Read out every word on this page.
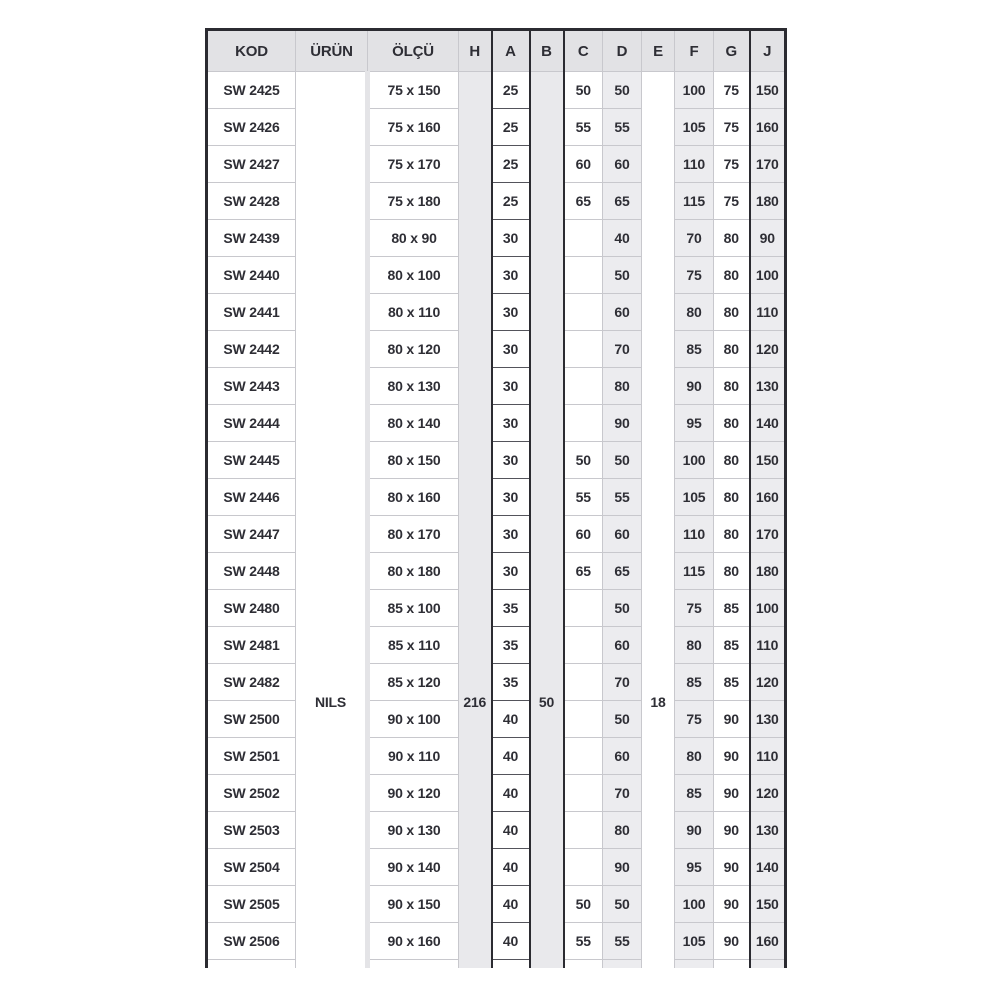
KOD	ÜRÜN	ÖLÇÜ	H	A	B	C	D	E	F	G	J
SW 2425	NILS	75 x 150	216	25	50	50	50	18	100	75	150
SW 2426		75 x 160		25		55	55		105	75	160
SW 2427		75 x 170		25		60	60		110	75	170
SW 2428		75 x 180		25		65	65		115	75	180
SW 2439		80 x 90		30			40		70	80	90
SW 2440		80 x 100		30			50		75	80	100
SW 2441		80 x 110		30			60		80	80	110
SW 2442		80 x 120		30			70		85	80	120
SW 2443		80 x 130		30			80		90	80	130
SW 2444		80 x 140		30			90		95	80	140
SW 2445		80 x 150		30		50	50		100	80	150
SW 2446		80 x 160		30		55	55		105	80	160
SW 2447		80 x 170		30		60	60		110	80	170
SW 2448		80 x 180		30		65	65		115	80	180
SW 2480		85 x 100		35			50		75	85	100
SW 2481		85 x 110		35			60		80	85	110
SW 2482		85 x 120		35			70		85	85	120
SW 2500		90 x 100		40			50		75	90	130
SW 2501		90 x 110		40			60		80	90	110
SW 2502		90 x 120		40			70		85	90	120
SW 2503		90 x 130		40			80		90	90	130
SW 2504		90 x 140		40			90		95	90	140
SW 2505		90 x 150		40		50	50		100	90	150
SW 2506		90 x 160		40		55	55		105	90	160
